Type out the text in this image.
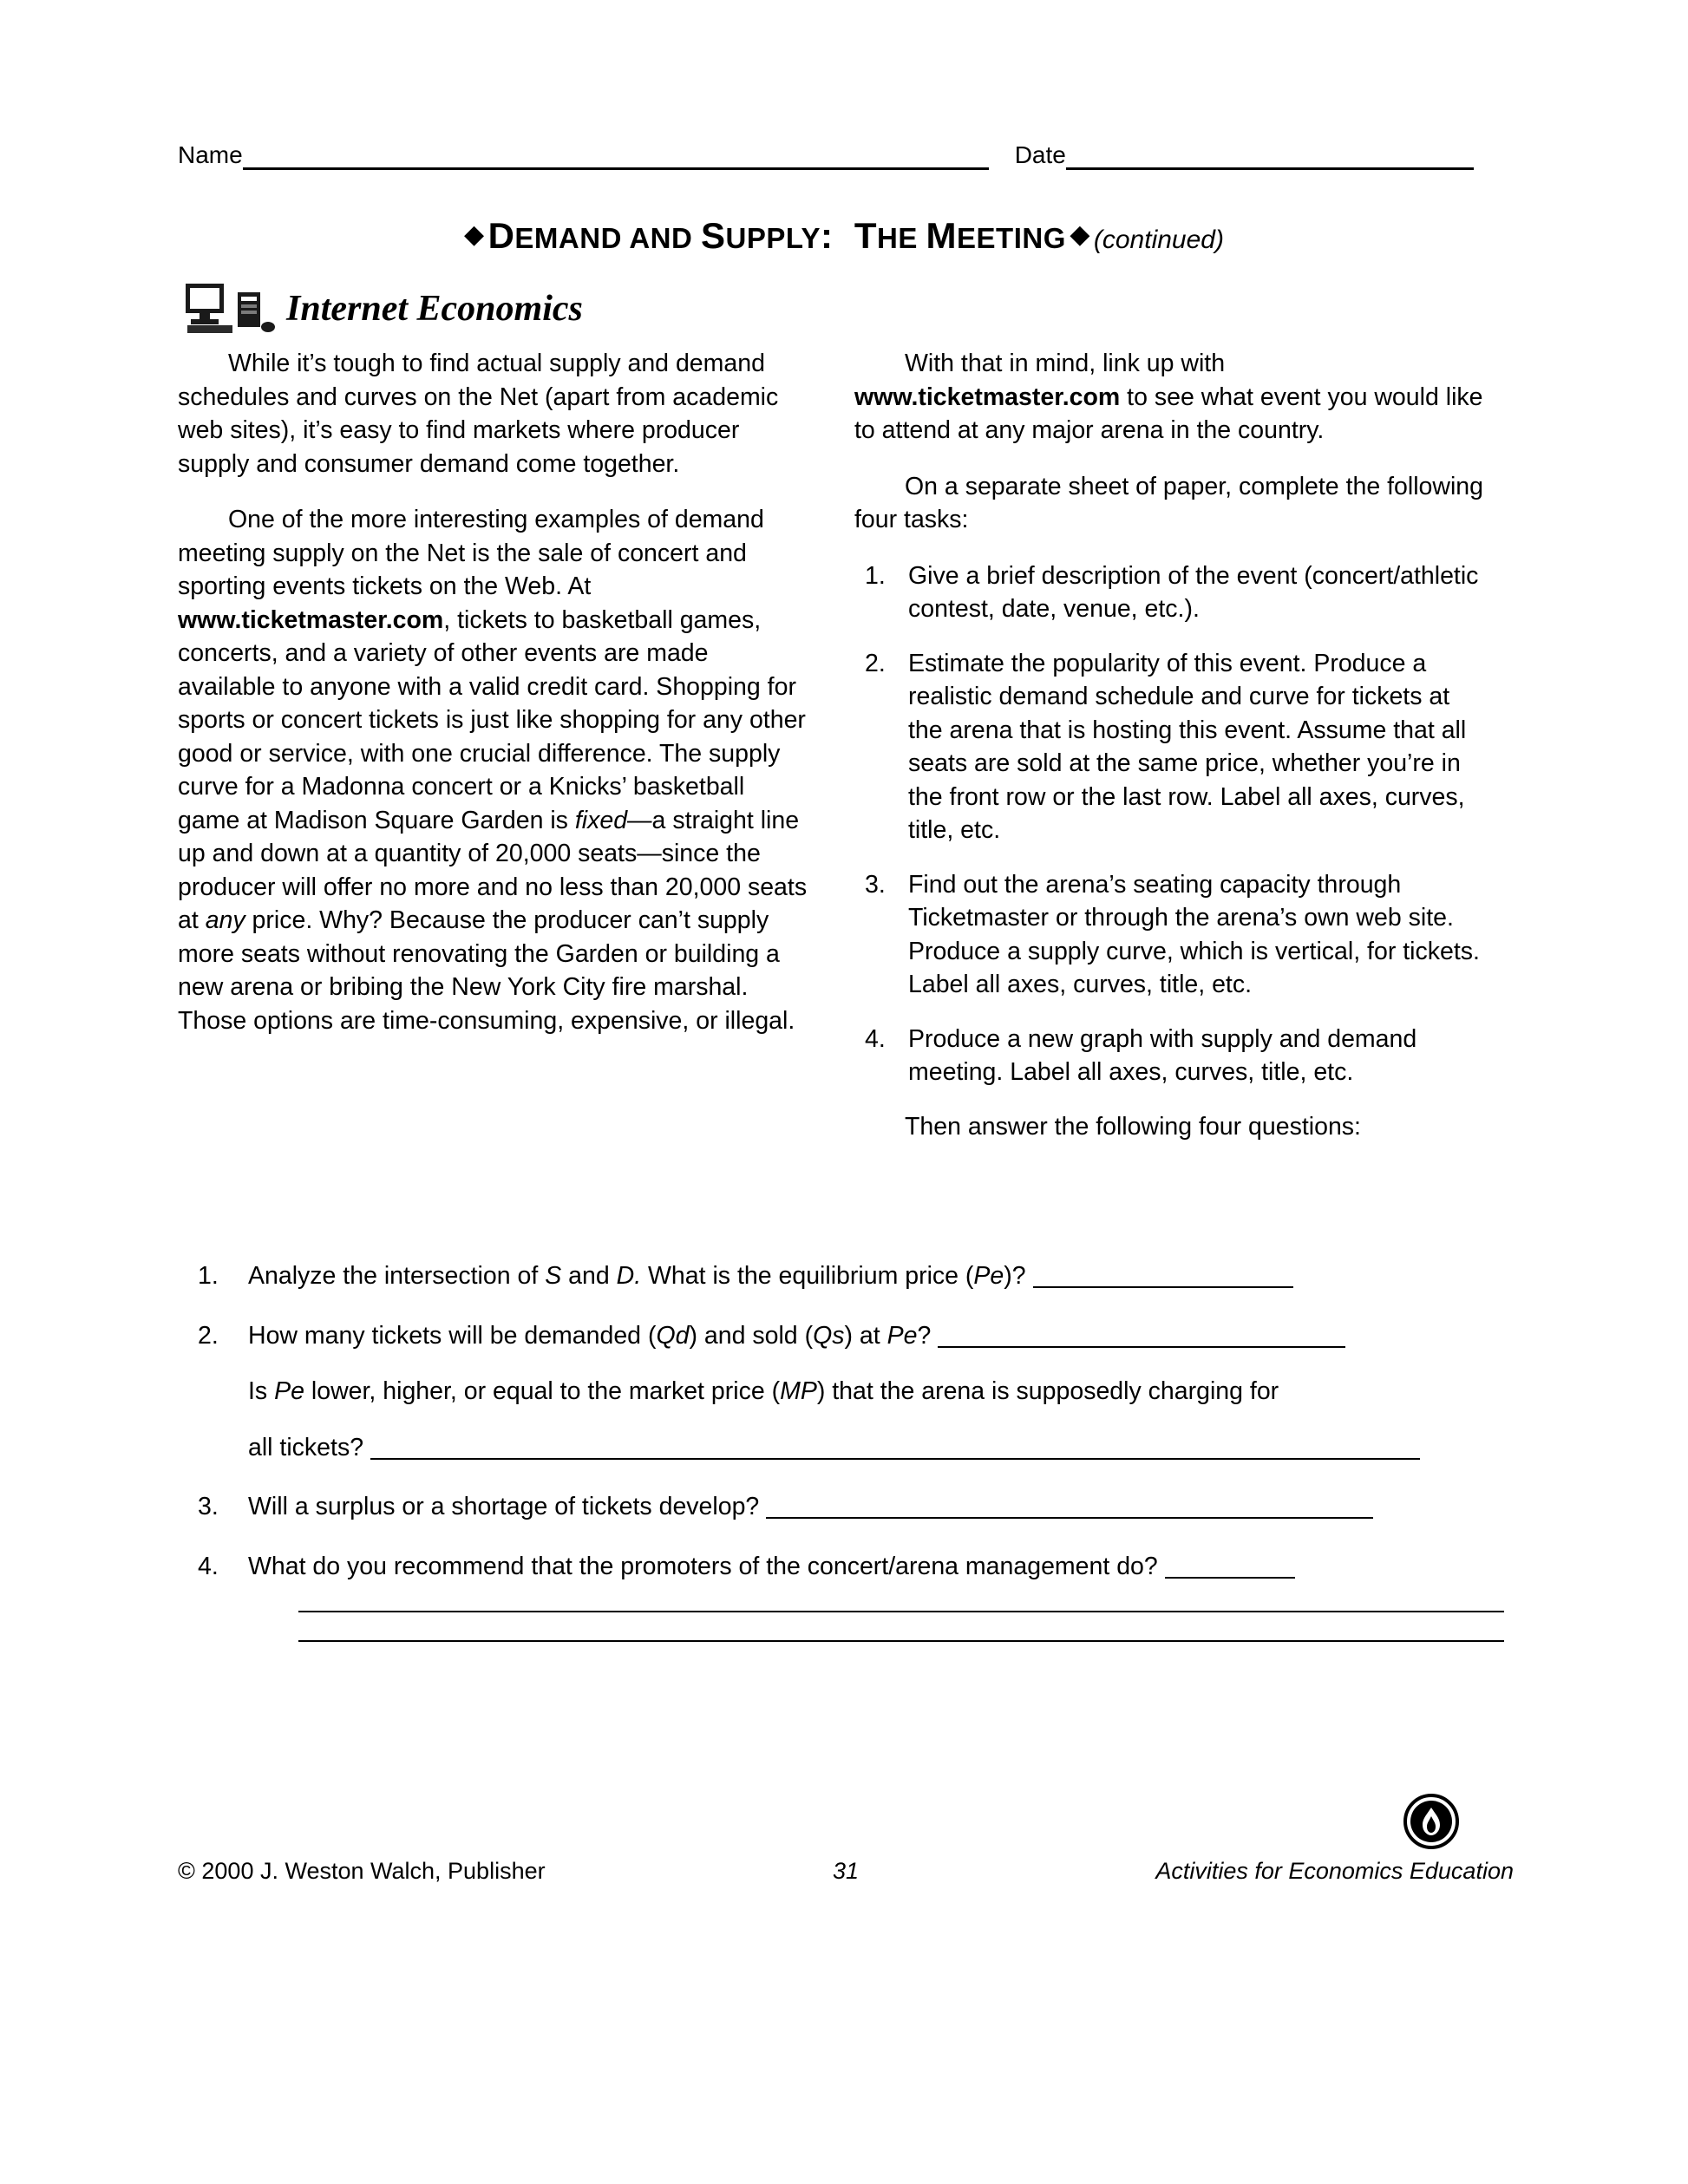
Name	Date
◆ DEMAND AND SUPPLY:  THE MEETING ◆ (continued)
Internet Economics

While it’s tough to find actual supply and demand schedules and curves on the Net (apart from academic web sites), it’s easy to find markets where producer supply and consumer demand come together.

One of the more interesting examples of demand meeting supply on the Net is the sale of concert and sporting events tickets on the Web. At www.ticketmaster.com, tickets to basketball games, concerts, and a variety of other events are made available to anyone with a valid credit card. Shopping for sports or concert tickets is just like shopping for any other good or service, with one crucial difference. The supply curve for a Madonna concert or a Knicks’ basketball game at Madison Square Garden is fixed—a straight line up and down at a quantity of 20,000 seats—since the producer will offer no more and no less than 20,000 seats at any price. Why? Because the producer can’t supply more seats without renovating the Garden or building a new arena or bribing the New York City fire marshal. Those options are time-consuming, expensive, or illegal.

With that in mind, link up with www.ticketmaster.com to see what event you would like to attend at any major arena in the country.

On a separate sheet of paper, complete the following four tasks:

1. Give a brief description of the event (concert/athletic contest, date, venue, etc.).
2. Estimate the popularity of this event. Produce a realistic demand schedule and curve for tickets at the arena that is hosting this event. Assume that all seats are sold at the same price, whether you’re in the front row or the last row. Label all axes, curves, title, etc.
3. Find out the arena’s seating capacity through Ticketmaster or through the arena’s own web site. Produce a supply curve, which is vertical, for tickets. Label all axes, curves, title, etc.
4. Produce a new graph with supply and demand meeting. Label all axes, curves, title, etc.

Then answer the following four questions:

1. Analyze the intersection of S and D. What is the equilibrium price (Pe)?
2. How many tickets will be demanded (Qd) and sold (Qs) at Pe?
Is Pe lower, higher, or equal to the market price (MP) that the arena is supposedly charging for
all tickets?
3. Will a surplus or a shortage of tickets develop?
4. What do you recommend that the promoters of the concert/arena management do?
© 2000 J. Weston Walch, Publisher	31	Activities for Economics Education
